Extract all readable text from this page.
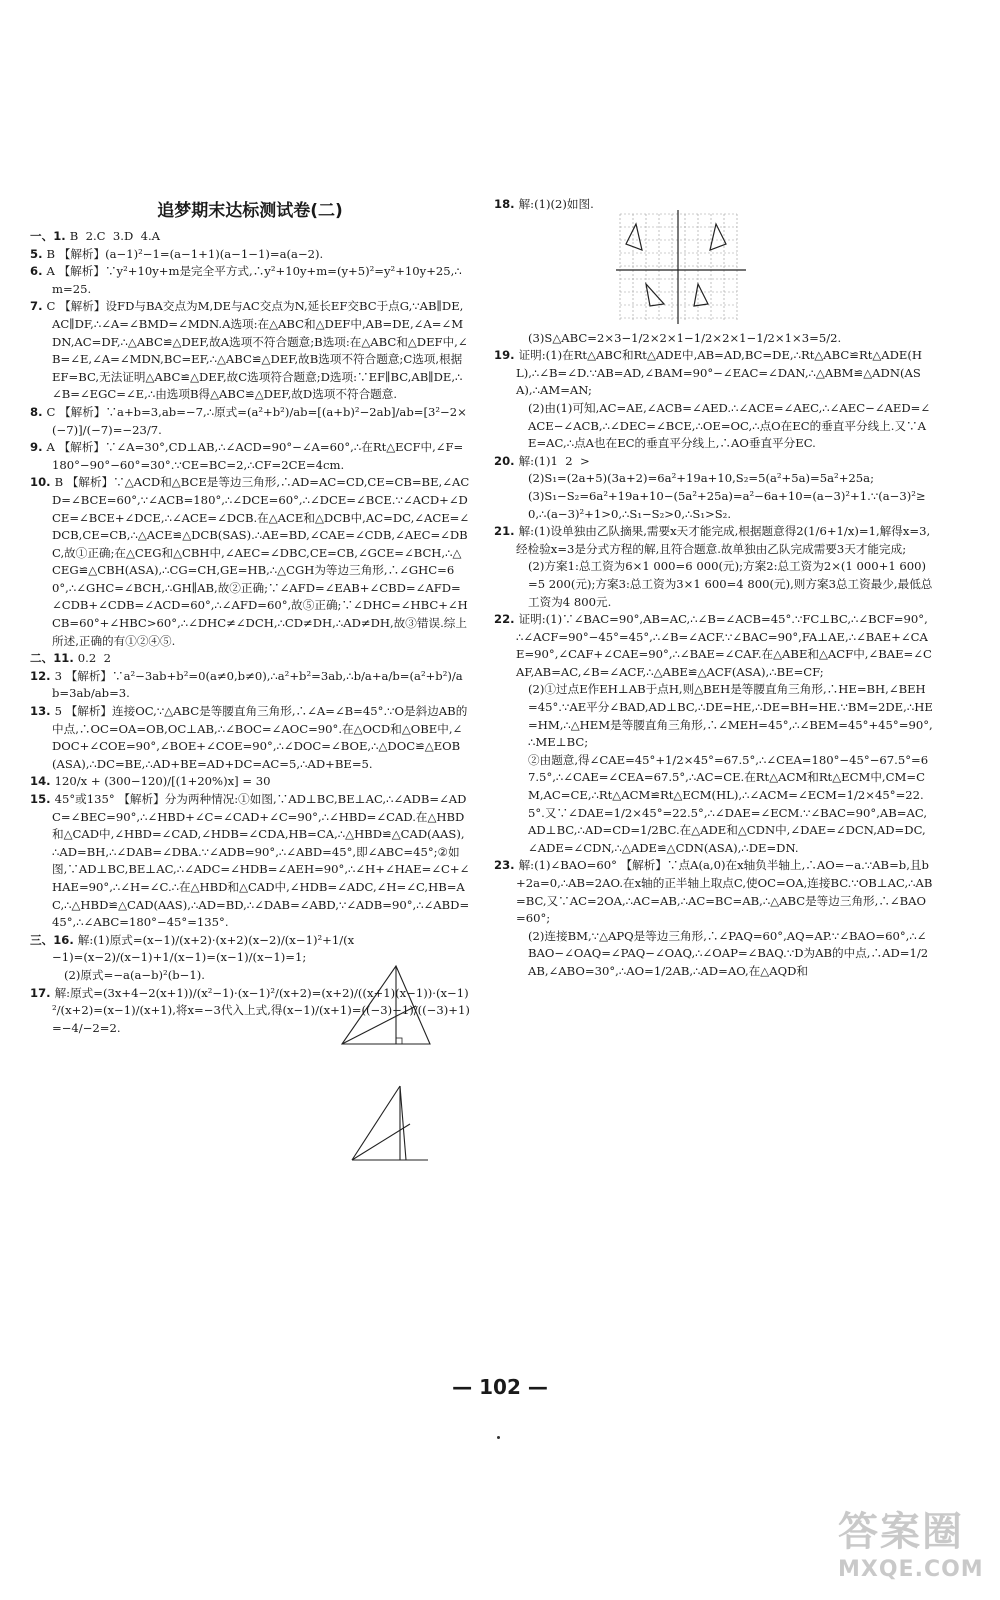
追梦期末达标测试卷(二)

一、1. B  2.C  3.D  4.A

5. B 【解析】(a−1)²−1=(a−1+1)(a−1−1)=a(a−2).

6. A 【解析】∵y²+10y+m是完全平方式,∴y²+10y+m=(y+5)²=y²+10y+25,∴m=25.

7. C 【解析】设FD与BA交点为M,DE与AC交点为N,延长EF交BC于点G,∵AB∥DE,AC∥DF,∴∠A=∠BMD=∠MDN.A选项:在△ABC和△DEF中,AB=DE,∠A=∠MDN,AC=DF,∴△ABC≌△DEF,故A选项不符合题意;B选项:在△ABC和△DEF中,∠B=∠E,∠A=∠MDN,BC=EF,∴△ABC≌△DEF,故B选项不符合题意;C选项,根据EF=BC,无法证明△ABC≌△DEF,故C选项符合题意;D选项:∵EF∥BC,AB∥DE,∴∠B=∠EGC=∠E,∴由选项B得△ABC≌△DEF,故D选项不符合题意.

8. C 【解析】∵a+b=3,ab=−7,∴原式=(a²+b²)/ab=[(a+b)²−2ab]/ab=[3²−2×(−7)]/(−7)=−23/7.

9. A 【解析】∵∠A=30°,CD⊥AB,∴∠ACD=90°−∠A=60°,∴在Rt△ECF中,∠F=180°−90°−60°=30°.∵CE=BC=2,∴CF=2CE=4cm.

10. B 【解析】∵△ACD和△BCE是等边三角形,∴AD=AC=CD,CE=CB=BE,∠ACD=∠BCE=60°,∵∠ACB=180°,∴∠DCE=60°,∴∠DCE=∠BCE.∵∠ACD+∠DCE=∠BCE+∠DCE,∴∠ACE=∠DCB.在△ACE和△DCB中,AC=DC,∠ACE=∠DCB,CE=CB,∴△ACE≌△DCB(SAS).∴AE=BD,∠CAE=∠CDB,∠AEC=∠DBC,故①正确;在△CEG和△CBH中,∠AEC=∠DBC,CE=CB,∠GCE=∠BCH,∴△CEG≌△CBH(ASA),∴CG=CH,GE=HB,∴△CGH为等边三角形,∴∠GHC=60°,∴∠GHC=∠BCH,∴GH∥AB,故②正确;∵∠AFD=∠EAB+∠CBD=∠AFD=∠CDB+∠CDB=∠ACD=60°,∴∠AFD=60°,故⑤正确;∵∠DHC=∠HBC+∠HCB=60°+∠HBC>60°,∴∠DHC≠∠DCH,∴CD≠DH,∴AD≠DH,故③错误.综上所述,正确的有①②④⑤.

二、11. 0.2  2

12. 3 【解析】∵a²−3ab+b²=0(a≠0,b≠0),∴a²+b²=3ab,∴b/a+a/b=(a²+b²)/ab=3ab/ab=3.

13. 5 【解析】连接OC,∵△ABC是等腰直角三角形,∴∠A=∠B=45°.∵O是斜边AB的中点,∴OC=OA=OB,OC⊥AB,∴∠BOC=∠AOC=90°.在△OCD和△OBE中,∠DOC+∠COE=90°,∠BOE+∠COE=90°,∴∠DOC=∠BOE,∴△DOC≌△EOB(ASA),∴DC=BE,∴AD+BE=AD+DC=AC=5,∴AD+BE=5.

14. 120/x + (300−120)/[(1+20%)x] = 30

15. 45°或135° 【解析】分为两种情况:①如图,∵AD⊥BC,BE⊥AC,∴∠ADB=∠ADC=∠BEC=90°,∴∠HBD+∠C=∠CAD+∠C=90°,∴∠HBD=∠CAD.在△HBD和△CAD中,∠HBD=∠CAD,∠HDB=∠CDA,HB=CA,∴△HBD≌△CAD(AAS),∴AD=BH,∴∠DAB=∠DBA.∵∠ADB=90°,∴∠ABD=45°,即∠ABC=45°;②如图,∵AD⊥BC,BE⊥AC,∴∠ADC=∠HDB=∠AEH=90°,∴∠H+∠HAE=∠C+∠HAE=90°,∴∠H=∠C.∴在△HBD和△CAD中,∠HDB=∠ADC,∠H=∠C,HB=AC,∴△HBD≌△CAD(AAS),∴AD=BD,∴∠DAB=∠ABD,∵∠ADB=90°,∴∠ABD=45°,∴∠ABC=180°−45°=135°.

三、16. 解:(1)原式=(x−1)/(x+2)·(x+2)(x−2)/(x−1)²+1/(x−1)=(x−2)/(x−1)+1/(x−1)=(x−1)/(x−1)=1;

(2)原式=−a(a−b)²(b−1).

17. 解:原式=(3x+4−2(x+1))/(x²−1)·(x−1)²/(x+2)=(x+2)/((x+1)(x−1))·(x−1)²/(x+2)=(x−1)/(x+1),将x=−3代入上式,得(x−1)/(x+1)=((−3)−1)/((−3)+1)=−4/−2=2.

18. 解:(1)(2)如图.

(3)S△ABC=2×3−1/2×2×1−1/2×2×1−1/2×1×3=5/2.

19. 证明:(1)在Rt△ABC和Rt△ADE中,AB=AD,BC=DE,∴Rt△ABC≌Rt△ADE(HL),∴∠B=∠D.∵AB=AD,∠BAM=90°−∠EAC=∠DAN,∴△ABM≌△ADN(ASA),∴AM=AN;

(2)由(1)可知,AC=AE,∠ACB=∠AED.∴∠ACE=∠AEC,∴∠AEC−∠AED=∠ACE−∠ACB,∴∠DEC=∠BCE,∴OE=OC,∴点O在EC的垂直平分线上.又∵AE=AC,∴点A也在EC的垂直平分线上,∴AO垂直平分EC.

20. 解:(1)1  2  >

(2)S₁=(2a+5)(3a+2)=6a²+19a+10,S₂=5(a²+5a)=5a²+25a;

(3)S₁−S₂=6a²+19a+10−(5a²+25a)=a²−6a+10=(a−3)²+1.∵(a−3)²≥0,∴(a−3)²+1>0,∴S₁−S₂>0,∴S₁>S₂.

21. 解:(1)设单独由乙队摘果,需要x天才能完成,根据题意得2(1/6+1/x)=1,解得x=3,经检验x=3是分式方程的解,且符合题意.故单独由乙队完成需要3天才能完成;

(2)方案1:总工资为6×1 000=6 000(元);方案2:总工资为2×(1 000+1 600)=5 200(元);方案3:总工资为3×1 600=4 800(元),则方案3总工资最少,最低总工资为4 800元.

22. 证明:(1)∵∠BAC=90°,AB=AC,∴∠B=∠ACB=45°.∵FC⊥BC,∴∠BCF=90°,∴∠ACF=90°−45°=45°,∴∠B=∠ACF.∵∠BAC=90°,FA⊥AE,∴∠BAE+∠CAE=90°,∠CAF+∠CAE=90°,∴∠BAE=∠CAF.在△ABE和△ACF中,∠BAE=∠CAF,AB=AC,∠B=∠ACF,∴△ABE≌△ACF(ASA),∴BE=CF;

(2)①过点E作EH⊥AB于点H,则△BEH是等腰直角三角形,∴HE=BH,∠BEH=45°.∵AE平分∠BAD,AD⊥BC,∴DE=HE,∴DE=BH=HE.∵BM=2DE,∴HE=HM,∴△HEM是等腰直角三角形,∴∠MEH=45°,∴∠BEM=45°+45°=90°,∴ME⊥BC;

②由题意,得∠CAE=45°+1/2×45°=67.5°,∴∠CEA=180°−45°−67.5°=67.5°,∴∠CAE=∠CEA=67.5°,∴AC=CE.在Rt△ACM和Rt△ECM中,CM=CM,AC=CE,∴Rt△ACM≌Rt△ECM(HL),∴∠ACM=∠ECM=1/2×45°=22.5°.又∵∠DAE=1/2×45°=22.5°,∴∠DAE=∠ECM.∵∠BAC=90°,AB=AC,AD⊥BC,∴AD=CD=1/2BC.在△ADE和△CDN中,∠DAE=∠DCN,AD=DC,∠ADE=∠CDN,∴△ADE≌△CDN(ASA),∴DE=DN.

23. 解:(1)∠BAO=60° 【解析】∵点A(a,0)在x轴负半轴上,∴AO=−a.∵AB=b,且b+2a=0,∴AB=2AO.在x轴的正半轴上取点C,使OC=OA,连接BC.∵OB⊥AC,∴AB=BC,又∵AC=2OA,∴AC=AB,∴AC=BC=AB,∴△ABC是等边三角形,∴∠BAO=60°;

(2)连接BM,∵△APQ是等边三角形,∴∠PAQ=60°,AQ=AP.∵∠BAO=60°,∴∠BAO−∠OAQ=∠PAQ−∠OAQ,∴∠OAP=∠BAQ.∵D为AB的中点,∴AD=1/2AB,∠ABO=30°,∴AO=1/2AB,∴AD=AO,在△AQD和

— 102 —
答案圈
MXQE.COM
